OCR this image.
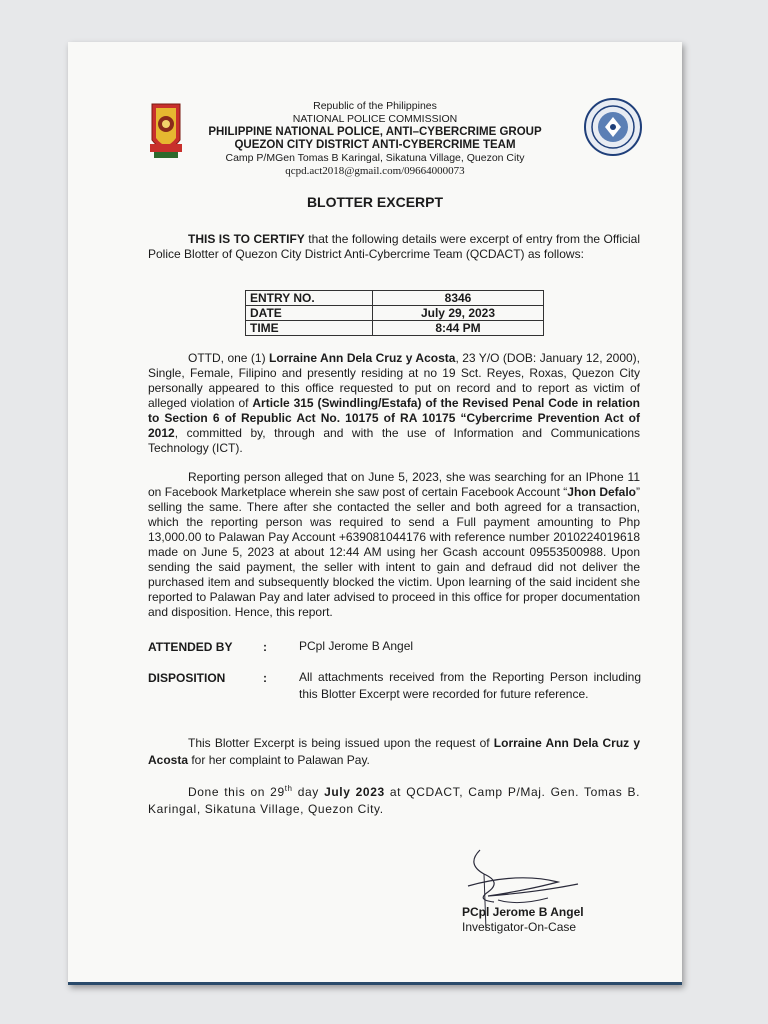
Republic of the Philippines
NATIONAL POLICE COMMISSION
PHILIPPINE NATIONAL POLICE, ANTI–CYBERCRIME GROUP
QUEZON CITY DISTRICT ANTI-CYBERCRIME TEAM
Camp P/MGen Tomas B Karingal, Sikatuna Village, Quezon City
qcpd.act2018@gmail.com/09664000073
BLOTTER EXCERPT

THIS IS TO CERTIFY that the following details were excerpt of entry from the Official Police Blotter of Quezon City District Anti-Cybercrime Team (QCDACT) as follows:

ENTRY NO.	8346
DATE	July 29, 2023
TIME	8:44 PM

OTTD, one (1) Lorraine Ann Dela Cruz y Acosta, 23 Y/O (DOB: January 12, 2000), Single, Female, Filipino and presently residing at no 19 Sct. Reyes, Roxas, Quezon City personally appeared to this office requested to put on record and to report as victim of alleged violation of Article 315 (Swindling/Estafa) of the Revised Penal Code in relation to Section 6 of Republic Act No. 10175 of RA 10175 “Cybercrime Prevention Act of 2012, committed by, through and with the use of Information and Communications Technology (ICT).

Reporting person alleged that on June 5, 2023, she was searching for an IPhone 11 on Facebook Marketplace wherein she saw post of certain Facebook Account “Jhon Defalo” selling the same. There after she contacted the seller and both agreed for a transaction, which the reporting person was required to send a Full payment amounting to Php 13,000.00 to Palawan Pay Account +639081044176 with reference number 2010224019618 made on June 5, 2023 at about 12:44 AM using her Gcash account 09553500988. Upon sending the said payment, the seller with intent to gain and defraud did not deliver the purchased item and subsequently blocked the victim. Upon learning of the said incident she reported to Palawan Pay and later advised to proceed in this office for proper documentation and disposition. Hence, this report.

ATTENDED BY	:	PCpl Jerome B Angel
DISPOSITION	:	All attachments received from the Reporting Person including this Blotter Excerpt were recorded for future reference.

This Blotter Excerpt is being issued upon the request of Lorraine Ann Dela Cruz y Acosta for her complaint to Palawan Pay.

Done this on 29th day July 2023 at QCDACT, Camp P/Maj. Gen. Tomas B. Karingal, Sikatuna Village, Quezon City.

PCpl Jerome B Angel
Investigator-On-Case
